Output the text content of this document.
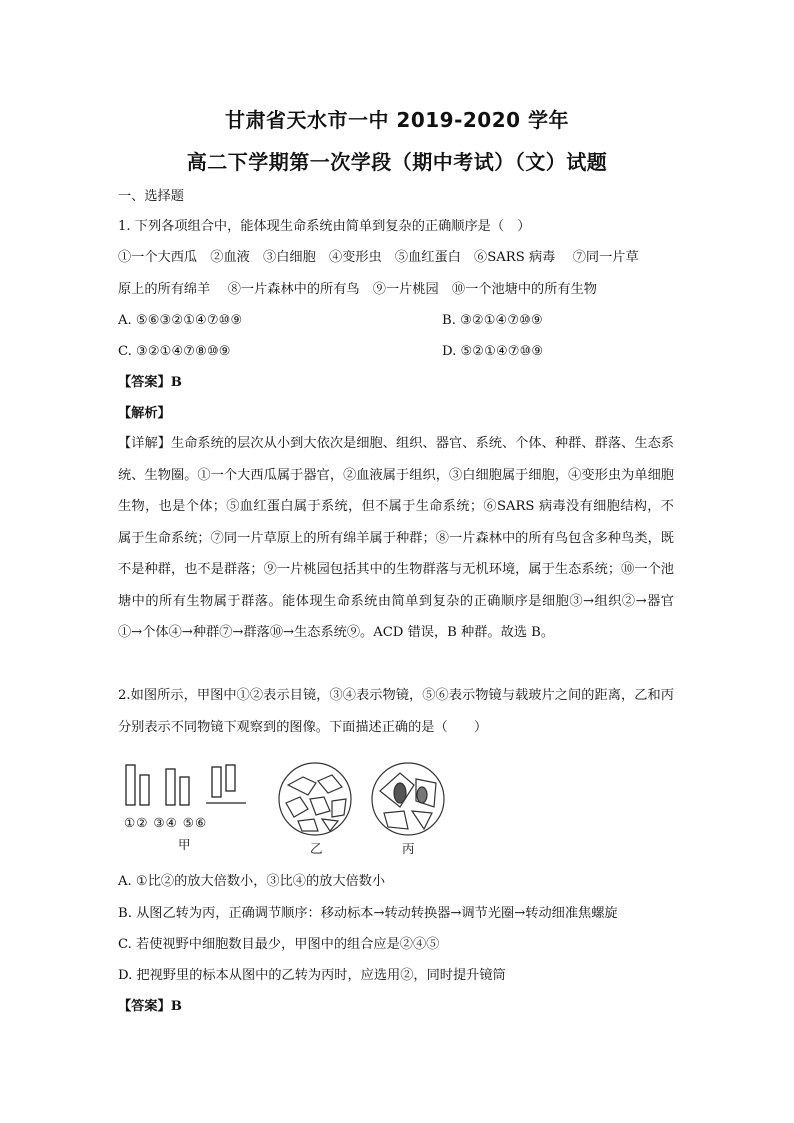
甘肃省天水市一中 2019-2020 学年
高二下学期第一次学段（期中考试）（文）试题
一、选择题
1. 下列各项组合中，能体现生命系统由简单到复杂的正确顺序是（　）
①一个大西瓜　②血液　③白细胞　④变形虫　⑤血红蛋白　⑥SARS 病毒　 ⑦同一片草
原上的所有绵羊　 ⑧一片森林中的所有鸟　⑨一片桃园　⑩一个池塘中的所有生物
A. ⑤⑥③②①④⑦⑩⑨	B. ③②①④⑦⑩⑨
C. ③②①④⑦⑧⑩⑨	D. ⑤②①④⑦⑩⑨
【答案】B
【解析】
【详解】生命系统的层次从小到大依次是细胞、组织、器官、系统、个体、种群、群落、生态系统、生物圈。①一个大西瓜属于器官，②血液属于组织，③白细胞属于细胞，④变形虫为单细胞生物，也是个体；⑤血红蛋白属于系统，但不属于生命系统；⑥SARS 病毒没有细胞结构，不属于生命系统；⑦同一片草原上的所有绵羊属于种群；⑧一片森林中的所有鸟包含多种鸟类，既不是种群，也不是群落；⑨一片桃园包括其中的生物群落与无机环境，属于生态系统；⑩一个池塘中的所有生物属于群落。能体现生命系统由简单到复杂的正确顺序是细胞③→组织②→器官①→个体④→种群⑦→群落⑩→生态系统⑨。ACD 错误，B 种群。故选 B。
2.如图所示，甲图中①②表示目镜，③④表示物镜，⑤⑥表示物镜与载玻片之间的距离，乙和丙分别表示不同物镜下观察到的图像。下面描述正确的是（　　）
①② ③④ ⑤⑥
甲	乙	丙
A. ①比②的放大倍数小，③比④的放大倍数小
B. 从图乙转为丙，正确调节顺序：移动标本→转动转换器→调节光圈→转动细准焦螺旋
C. 若使视野中细胞数目最少，甲图中的组合应是②④⑤
D. 把视野里的标本从图中的乙转为丙时，应选用②，同时提升镜筒
【答案】B
